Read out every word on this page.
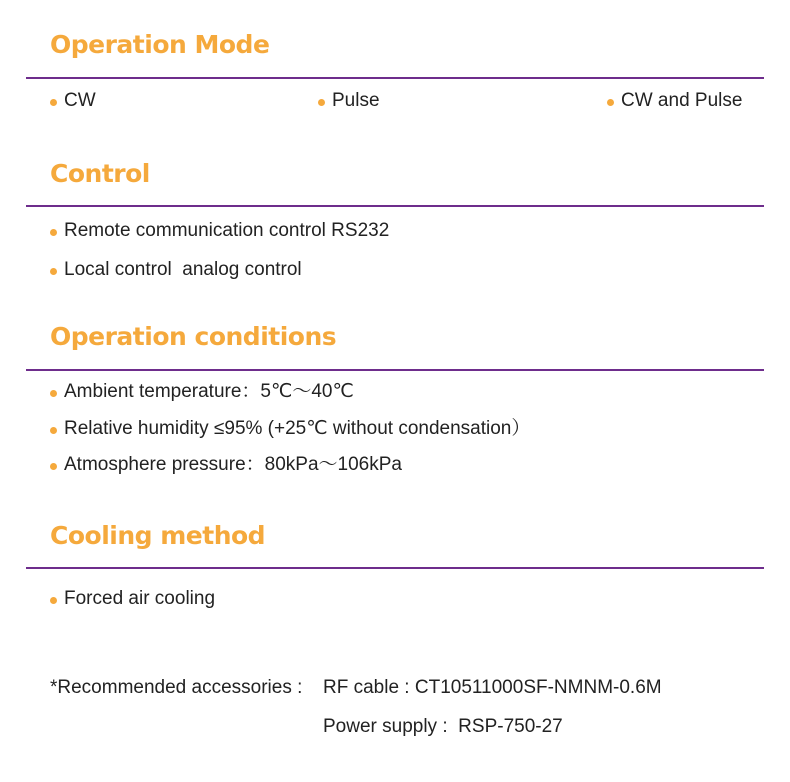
Operation Mode
CW	Pulse	CW and Pulse
Control
Remote communication control RS232
Local control  analog control
Operation conditions
Ambient temperature：5℃～40℃
Relative humidity ≤95% (+25℃ without condensation）
Atmosphere pressure：80kPa～106kPa
Cooling method
Forced air cooling
*Recommended accessories : RF cable : CT10511000SF-NMNM-0.6M
Power supply :  RSP-750-27
